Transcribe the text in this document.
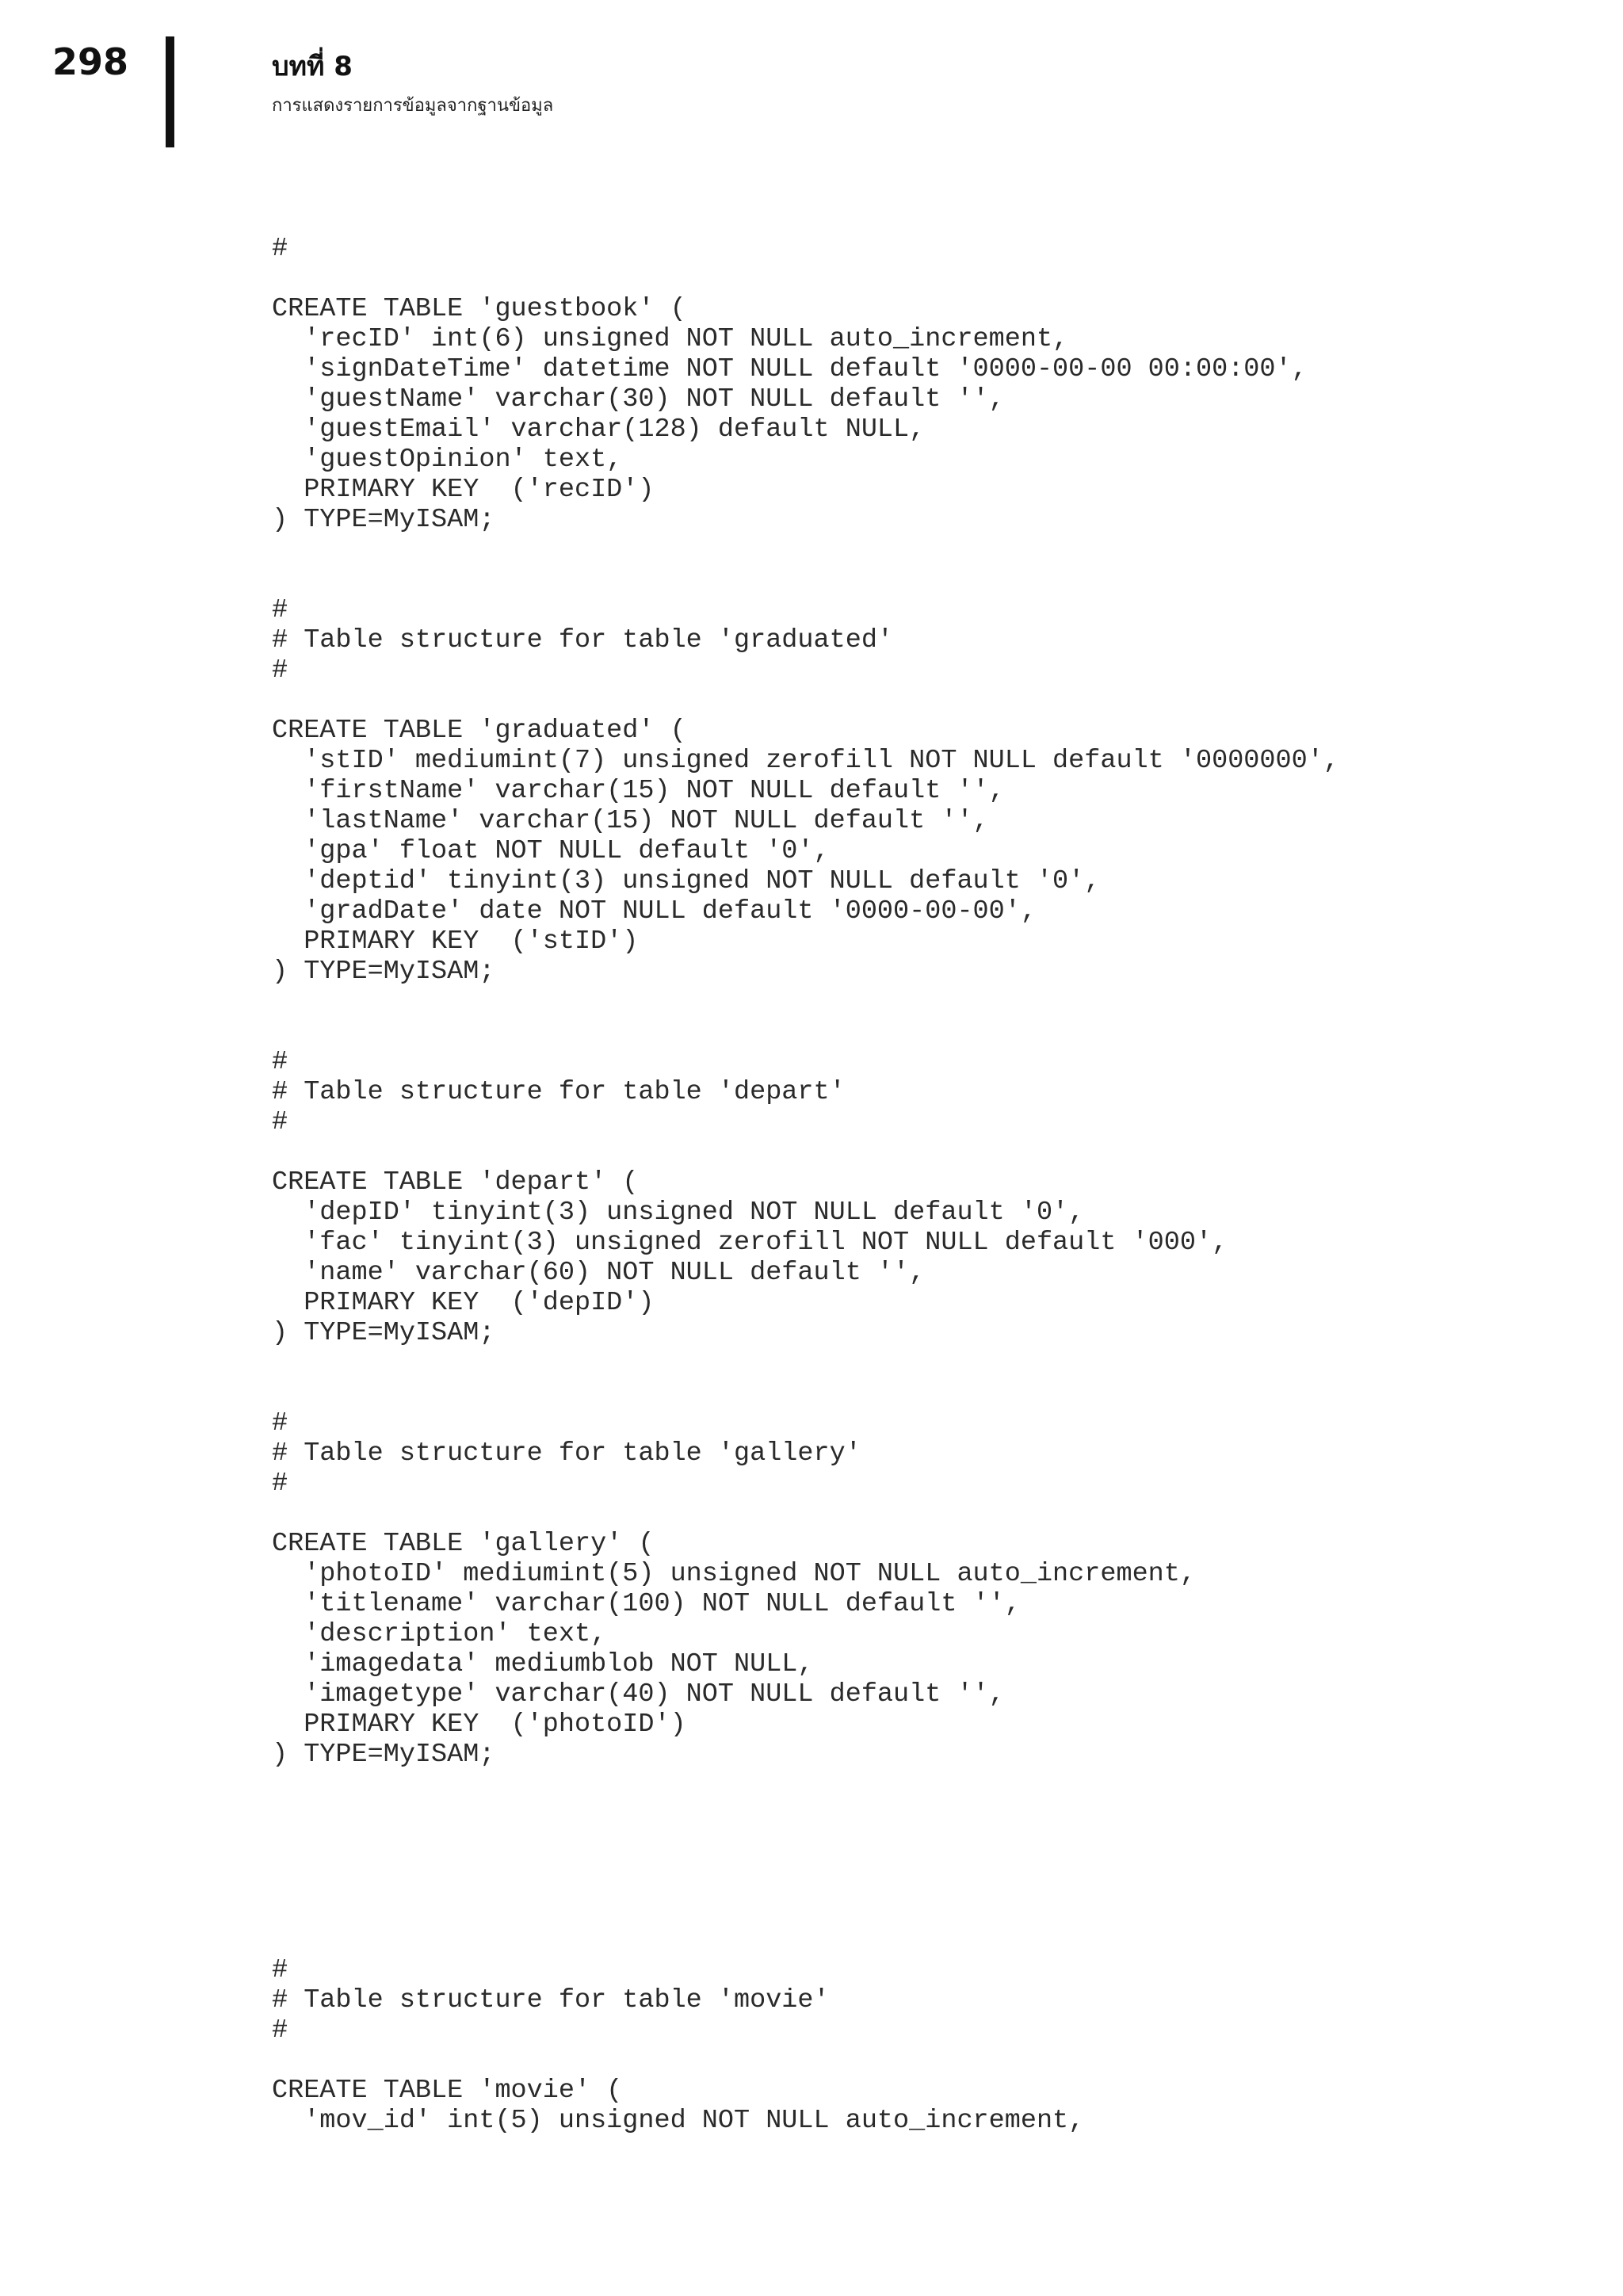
298	บทที่ 8
การแสดงรายการข้อมูลจากฐานข้อมูล
#
CREATE TABLE 'guestbook' (
'recID' int(6) unsigned NOT NULL auto_increment,
'signDateTime' datetime NOT NULL default '0000-00-00 00:00:00',
'guestName' varchar(30) NOT NULL default '',
'guestEmail' varchar(128) default NULL,
'guestOpinion' text,
PRIMARY KEY  ('recID')
) TYPE=MyISAM;
#
# Table structure for table 'graduated'
#
CREATE TABLE 'graduated' (
'stID' mediumint(7) unsigned zerofill NOT NULL default '0000000',
'firstName' varchar(15) NOT NULL default '',
'lastName' varchar(15) NOT NULL default '',
'gpa' float NOT NULL default '0',
'deptid' tinyint(3) unsigned NOT NULL default '0',
'gradDate' date NOT NULL default '0000-00-00',
PRIMARY KEY  ('stID')
) TYPE=MyISAM;
#
# Table structure for table 'depart'
#
CREATE TABLE 'depart' (
'depID' tinyint(3) unsigned NOT NULL default '0',
'fac' tinyint(3) unsigned zerofill NOT NULL default '000',
'name' varchar(60) NOT NULL default '',
PRIMARY KEY  ('depID')
) TYPE=MyISAM;
#
# Table structure for table 'gallery'
#
CREATE TABLE 'gallery' (
'photoID' mediumint(5) unsigned NOT NULL auto_increment,
'titlename' varchar(100) NOT NULL default '',
'description' text,
'imagedata' mediumblob NOT NULL,
'imagetype' varchar(40) NOT NULL default '',
PRIMARY KEY  ('photoID')
) TYPE=MyISAM;
#
# Table structure for table 'movie'
#
CREATE TABLE 'movie' (
'mov_id' int(5) unsigned NOT NULL auto_increment,
